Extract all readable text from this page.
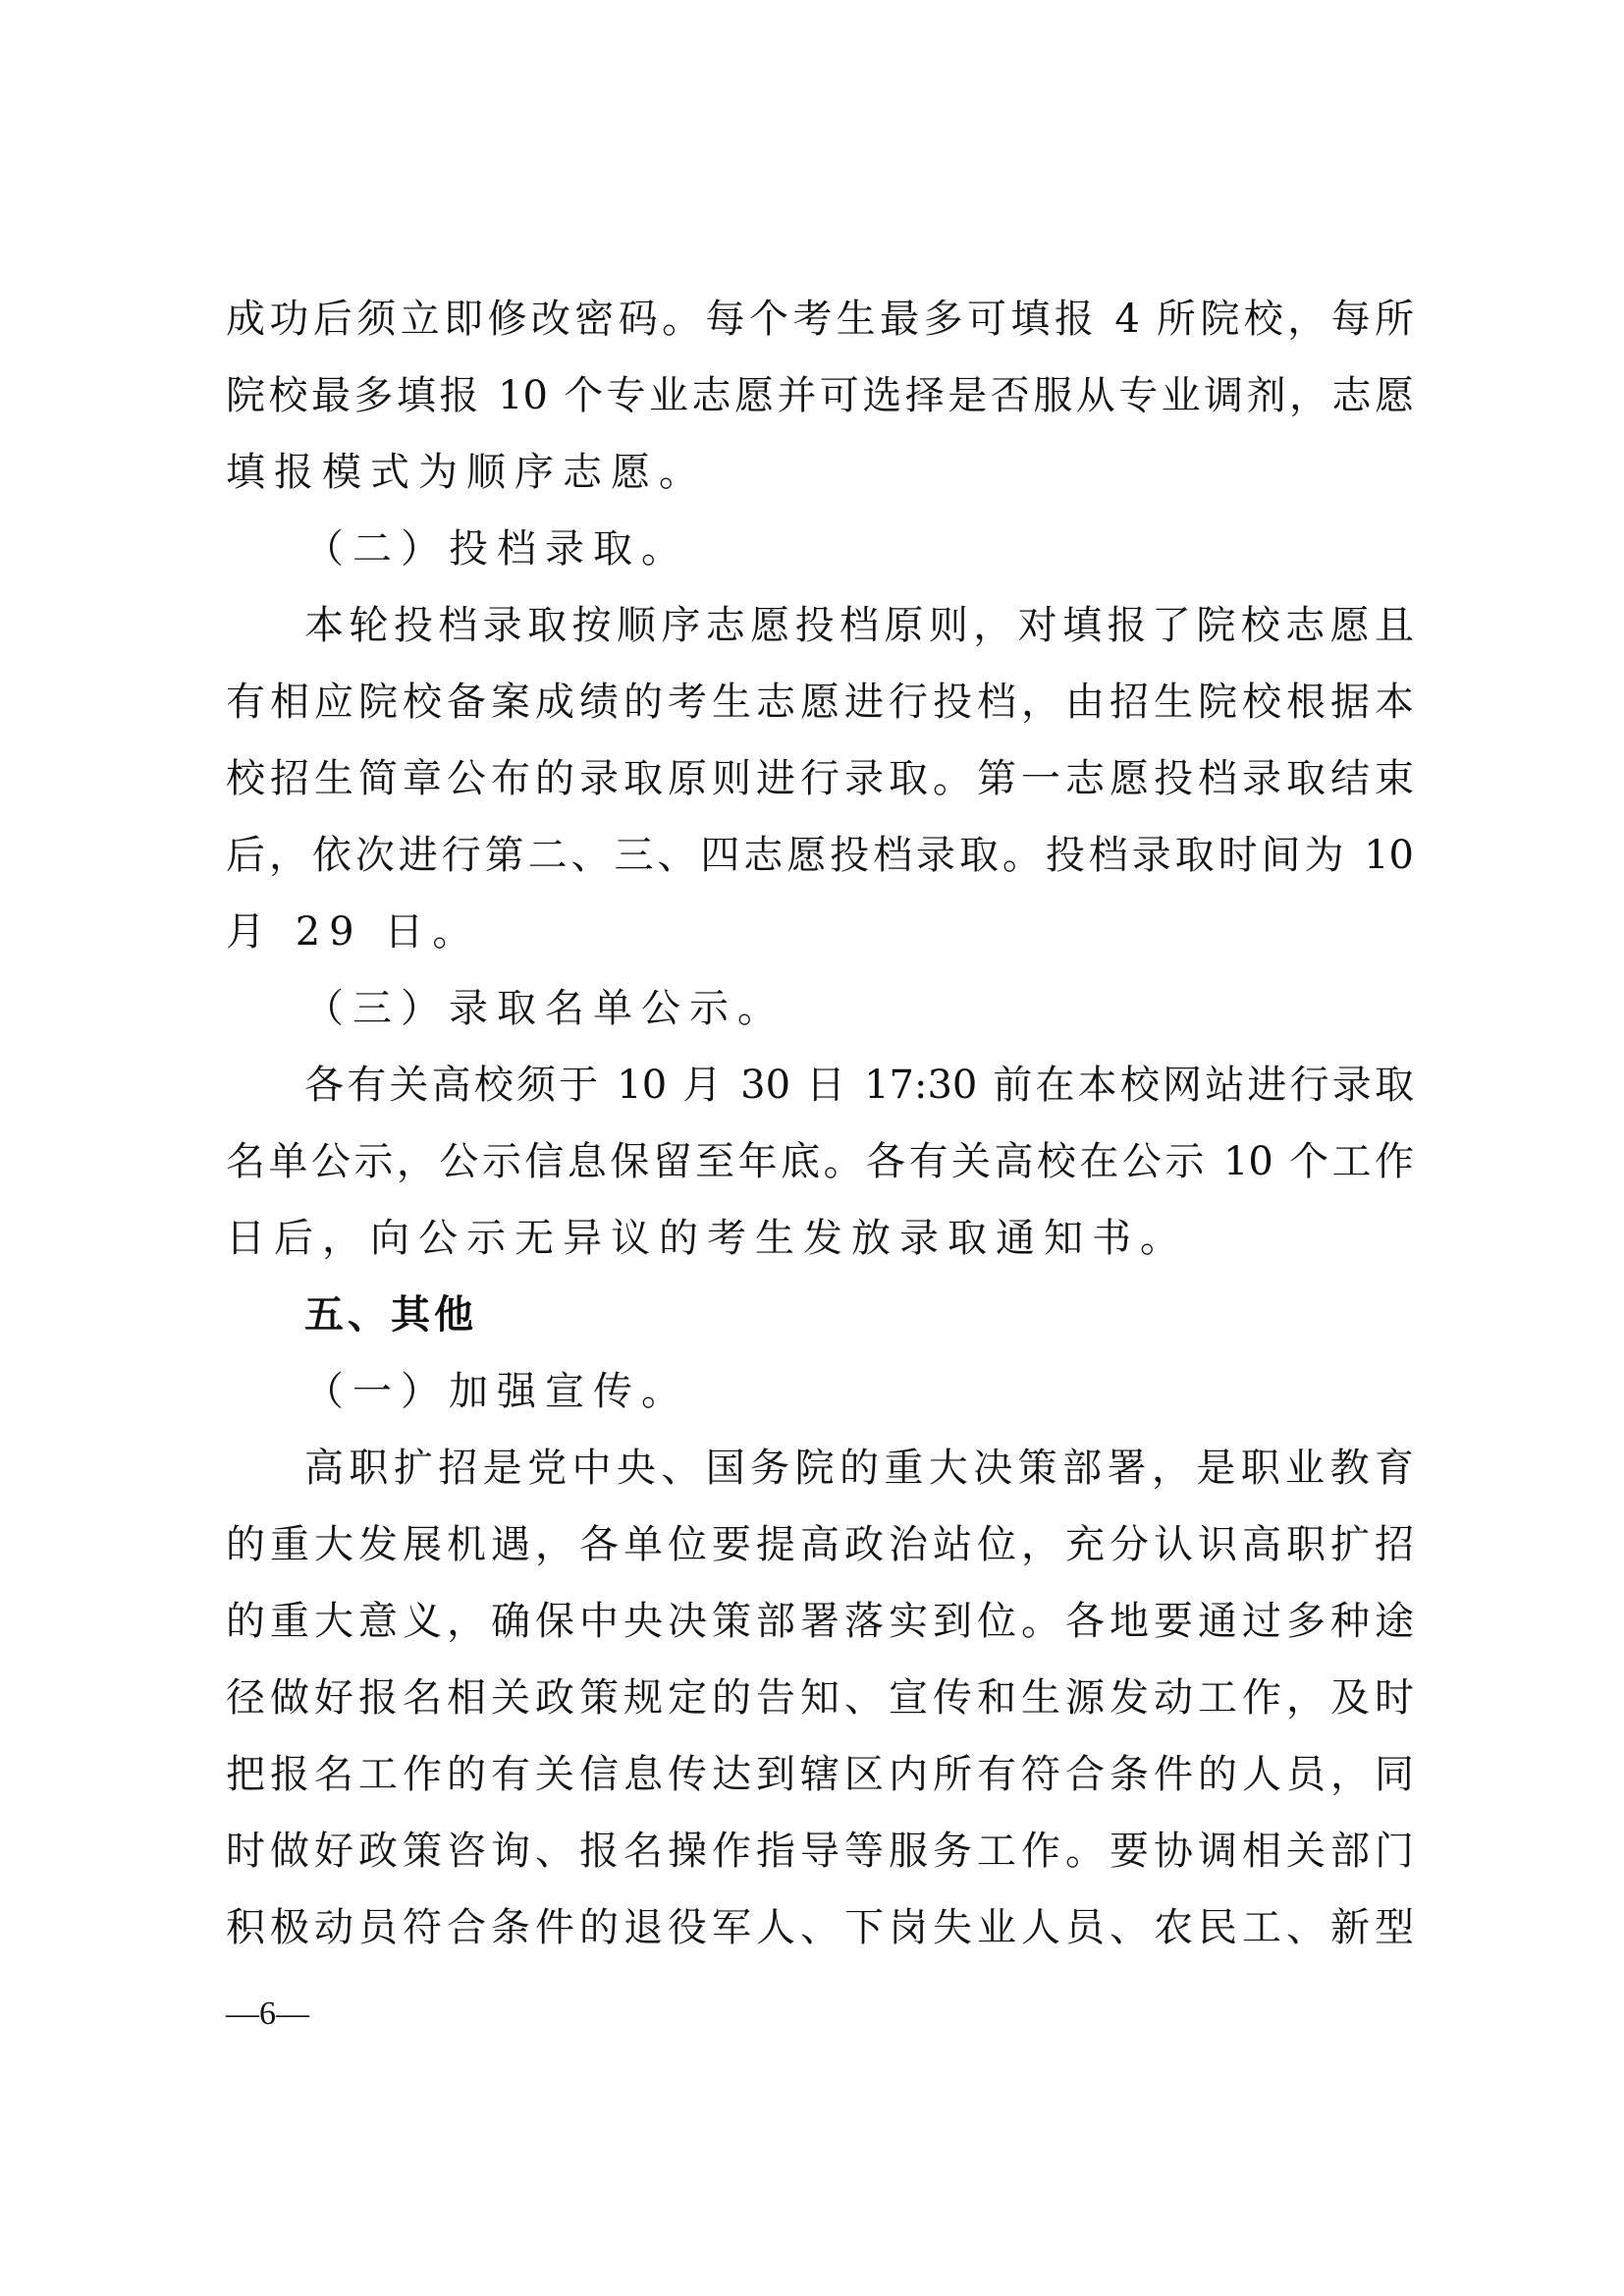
成功后须立即修改密码。每个考生最多可填报 4 所院校，每所
院校最多填报 10 个专业志愿并可选择是否服从专业调剂，志愿
填报模式为顺序志愿。
（二）投档录取。
本轮投档录取按顺序志愿投档原则，对填报了院校志愿且
有相应院校备案成绩的考生志愿进行投档，由招生院校根据本
校招生简章公布的录取原则进行录取。第一志愿投档录取结束
后，依次进行第二、三、四志愿投档录取。投档录取时间为 10
月 29 日。
（三）录取名单公示。
各有关高校须于 10 月 30 日 17:30 前在本校网站进行录取
名单公示，公示信息保留至年底。各有关高校在公示 10 个工作
日后，向公示无异议的考生发放录取通知书。
五、其他
（一）加强宣传。
高职扩招是党中央、国务院的重大决策部署，是职业教育
的重大发展机遇，各单位要提高政治站位，充分认识高职扩招
的重大意义，确保中央决策部署落实到位。各地要通过多种途
径做好报名相关政策规定的告知、宣传和生源发动工作，及时
把报名工作的有关信息传达到辖区内所有符合条件的人员，同
时做好政策咨询、报名操作指导等服务工作。要协调相关部门
积极动员符合条件的退役军人、下岗失业人员、农民工、新型
—6—
